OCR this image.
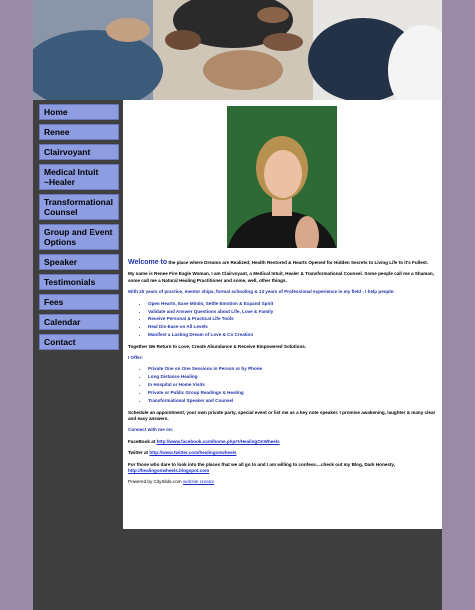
Home
Renee
Clairvoyant
Medical Intuit ~Healer
Transformational Counsel
Group and Event Options
Speaker
Testimonials
Fees
Calendar
Contact

Welcome to the place where Dreams are Realized, Health Restored & Hearts Opened for Hidden Secrets to Living Life to it's Fullest.

My name is Renee Fire Eagle Woman, I am Clairvoyant, a Medical Intuit, Healer & Transformational Counsel. Some people call me a Shaman, some call me a Natural Healing Practitioner and some, well, other things.

With 25 years of practice, mentor ships, formal schooling & 13 years of Professional experience in my field - I help people:

• Open Hearts, Ease Minds, Settle Emotion & Expand Spirit
• Validate and Answer Questions about Life, Love & Family
• Receive Personal & Practical Life Tools
• Heal Dis-Ease on All Levels
• Manifest a Lasting Dream of Love & Co Creation

Together We Return to Love, Create Abundance & Receive Empowered Solutions.

I Offer:

• Private One on One Sessions in Person or by Phone
• Long Distance Healing
• In Hospital or Home Visits
• Private or Public Group Readings & Healing
• Transformational Speaker and Counsel

Schedule an appointment, your own private party, special event or list me as a key note speaker. I promise awakening, laughter & many clear and easy answers.

Connect with me on:

FaceBook at http://www.facebook.com/home.php#!/HealingOnWheels

Twitter at http://www.twitter.com/healingonwheels

For those who dare to look into the places that we all go to and I am willing to confess....check out my Blog, Dark Honesty,
http://healingonwheels.blogspot.com

Powered by CitySlide.com website creator
